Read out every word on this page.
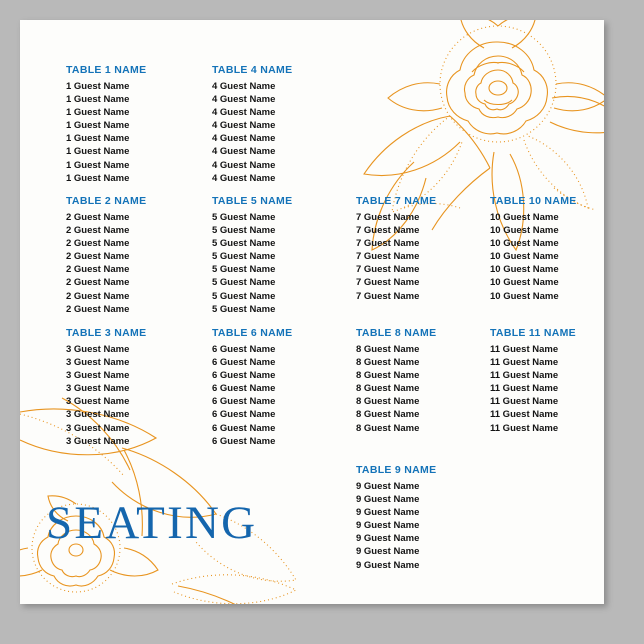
TABLE 1 NAME
1 Guest Name
1 Guest Name
1 Guest Name
1 Guest Name
1 Guest Name
1 Guest Name
1 Guest Name
1 Guest Name
TABLE 2 NAME
2 Guest Name
2 Guest Name
2 Guest Name
2 Guest Name
2 Guest Name
2 Guest Name
2 Guest Name
2 Guest Name
TABLE 3 NAME
3 Guest Name
3 Guest Name
3 Guest Name
3 Guest Name
3 Guest Name
3 Guest Name
3 Guest Name
3 Guest Name
TABLE 4 NAME
4 Guest Name
4 Guest Name
4 Guest Name
4 Guest Name
4 Guest Name
4 Guest Name
4 Guest Name
4 Guest Name
TABLE 5 NAME
5 Guest Name
5 Guest Name
5 Guest Name
5 Guest Name
5 Guest Name
5 Guest Name
5 Guest Name
5 Guest Name
TABLE 6 NAME
6 Guest Name
6 Guest Name
6 Guest Name
6 Guest Name
6 Guest Name
6 Guest Name
6 Guest Name
6 Guest Name
TABLE 7 NAME
7 Guest Name
7 Guest Name
7 Guest Name
7 Guest Name
7 Guest Name
7 Guest Name
7 Guest Name
TABLE 8 NAME
8 Guest Name
8 Guest Name
8 Guest Name
8 Guest Name
8 Guest Name
8 Guest Name
8 Guest Name
TABLE 9 NAME
9 Guest Name
9 Guest Name
9 Guest Name
9 Guest Name
9 Guest Name
9 Guest Name
9 Guest Name
TABLE 10 NAME
10 Guest Name
10 Guest Name
10 Guest Name
10 Guest Name
10 Guest Name
10 Guest Name
10 Guest Name
TABLE 11 NAME
11 Guest Name
11 Guest Name
11 Guest Name
11 Guest Name
11 Guest Name
11 Guest Name
11 Guest Name
SEATING
